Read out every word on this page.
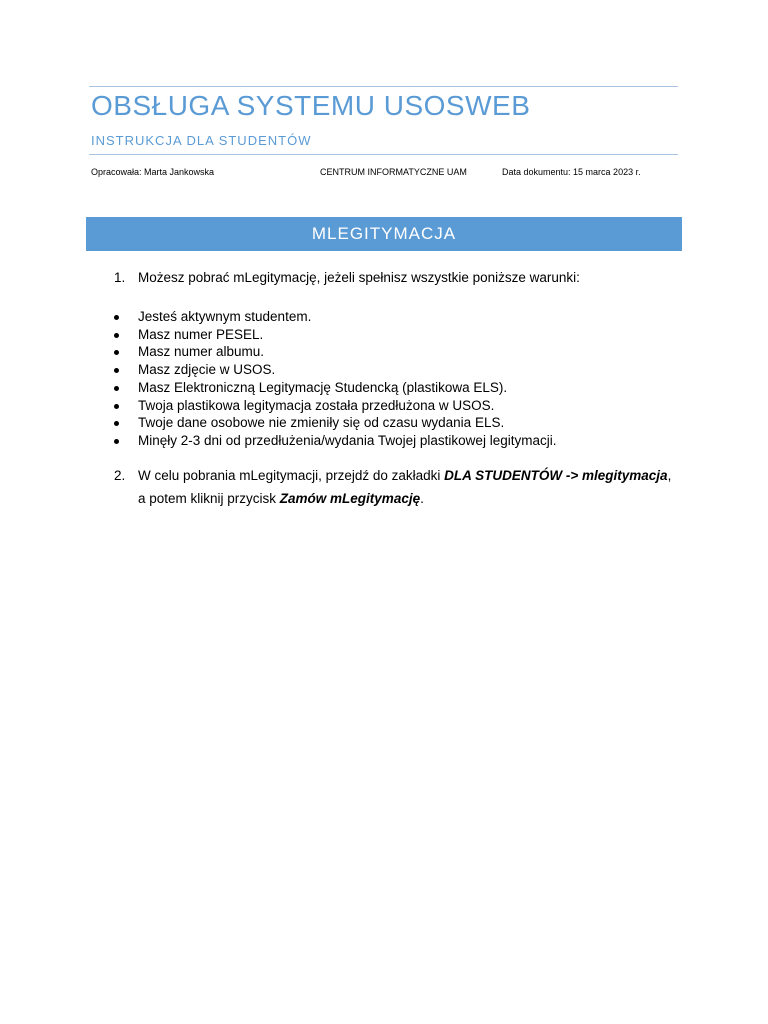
OBSŁUGA SYSTEMU USOSWEB
INSTRUKCJA DLA STUDENTÓW
Opracowała: Marta Jankowska	CENTRUM INFORMATYCZNE UAM	Data dokumentu: 15 marca 2023 r.
MLEGITYMACJA
1. Możesz pobrać mLegitymację, jeżeli spełnisz wszystkie poniższe warunki:
Jesteś aktywnym studentem.
Masz numer PESEL.
Masz numer albumu.
Masz zdjęcie w USOS.
Masz Elektroniczną Legitymację Studencką (plastikowa ELS).
Twoja plastikowa legitymacja została przedłużona w USOS.
Twoje dane osobowe nie zmieniły się od czasu wydania ELS.
Minęły 2-3 dni od przedłużenia/wydania Twojej plastikowej legitymacji.
2. W celu pobrania mLegitymacji, przejdź do zakładki DLA STUDENTÓW -> mlegitymacja,
a potem kliknij przycisk Zamów mLegitymację.
